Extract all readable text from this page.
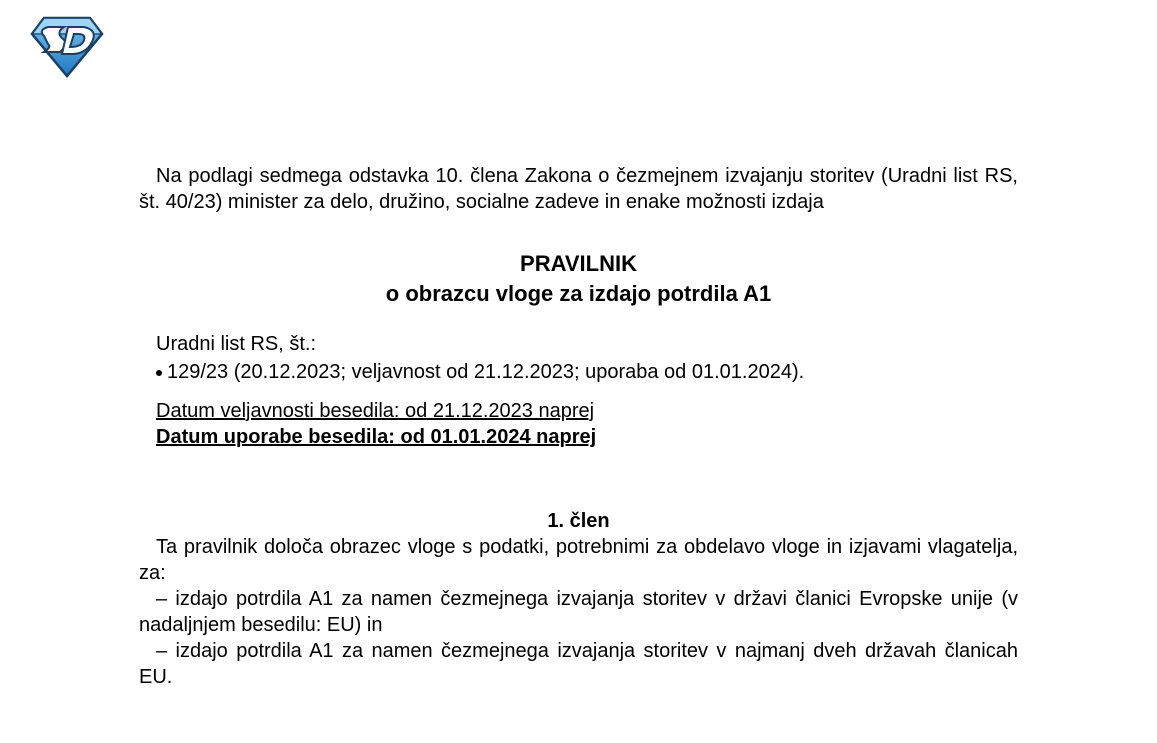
Na podlagi sedmega odstavka 10. člena Zakona o čezmejnem izvajanju storitev (Uradni list RS, št. 40/23) minister za delo, družino, socialne zadeve in enake možnosti izdaja

PRAVILNIK

o obrazcu vloge za izdajo potrdila A1

Uradni list RS, št.:
129/23 (20.12.2023; veljavnost od 21.12.2023; uporaba od 01.01.2024).
Datum veljavnosti besedila: od 21.12.2023 naprej
Datum uporabe besedila: od 01.01.2024 naprej

1. člen

Ta pravilnik določa obrazec vloge s podatki, potrebnimi za obdelavo vloge in izjavami vlagatelja, za:

– izdajo potrdila A1 za namen čezmejnega izvajanja storitev v državi članici Evropske unije (v nadaljnjem besedilu: EU) in

– izdajo potrdila A1 za namen čezmejnega izvajanja storitev v najmanj dveh državah članicah EU.
